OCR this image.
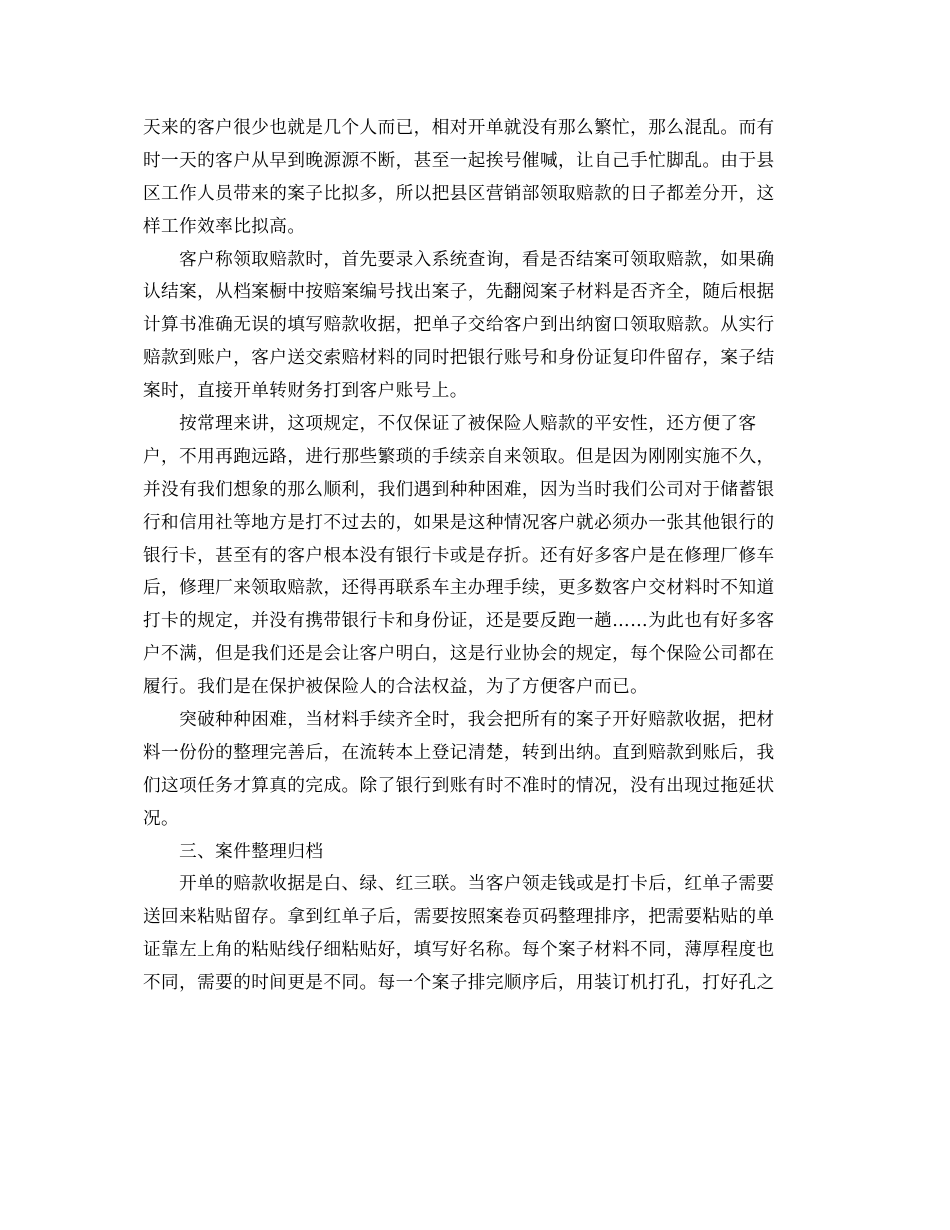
天来的客户很少也就是几个人而已，相对开单就没有那么繁忙，那么混乱。而有
时一天的客户从早到晚源源不断，甚至一起挨号催喊，让自己手忙脚乱。由于县
区工作人员带来的案子比拟多，所以把县区营销部领取赔款的日子都差分开，这
样工作效率比拟高。
　　客户称领取赔款时，首先要录入系统查询，看是否结案可领取赔款，如果确
认结案，从档案橱中按赔案编号找出案子，先翻阅案子材料是否齐全，随后根据
计算书准确无误的填写赔款收据，把单子交给客户到出纳窗口领取赔款。从实行
赔款到账户，客户送交索赔材料的同时把银行账号和身份证复印件留存，案子结
案时，直接开单转财务打到客户账号上。
　　按常理来讲，这项规定，不仅保证了被保险人赔款的平安性，还方便了客
户，不用再跑远路，进行那些繁琐的手续亲自来领取。但是因为刚刚实施不久，
并没有我们想象的那么顺利，我们遇到种种困难，因为当时我们公司对于储蓄银
行和信用社等地方是打不过去的，如果是这种情况客户就必须办一张其他银行的
银行卡，甚至有的客户根本没有银行卡或是存折。还有好多客户是在修理厂修车
后，修理厂来领取赔款，还得再联系车主办理手续，更多数客户交材料时不知道
打卡的规定，并没有携带银行卡和身份证，还是要反跑一趟……为此也有好多客
户不满，但是我们还是会让客户明白，这是行业协会的规定，每个保险公司都在
履行。我们是在保护被保险人的合法权益，为了方便客户而已。
　　突破种种困难，当材料手续齐全时，我会把所有的案子开好赔款收据，把材
料一份份的整理完善后，在流转本上登记清楚，转到出纳。直到赔款到账后，我
们这项任务才算真的完成。除了银行到账有时不准时的情况，没有出现过拖延状
况。
　　三、案件整理归档
　　开单的赔款收据是白、绿、红三联。当客户领走钱或是打卡后，红单子需要
送回来粘贴留存。拿到红单子后，需要按照案卷页码整理排序，把需要粘贴的单
证靠左上角的粘贴线仔细粘贴好，填写好名称。每个案子材料不同，薄厚程度也
不同，需要的时间更是不同。每一个案子排完顺序后，用装订机打孔，打好孔之
